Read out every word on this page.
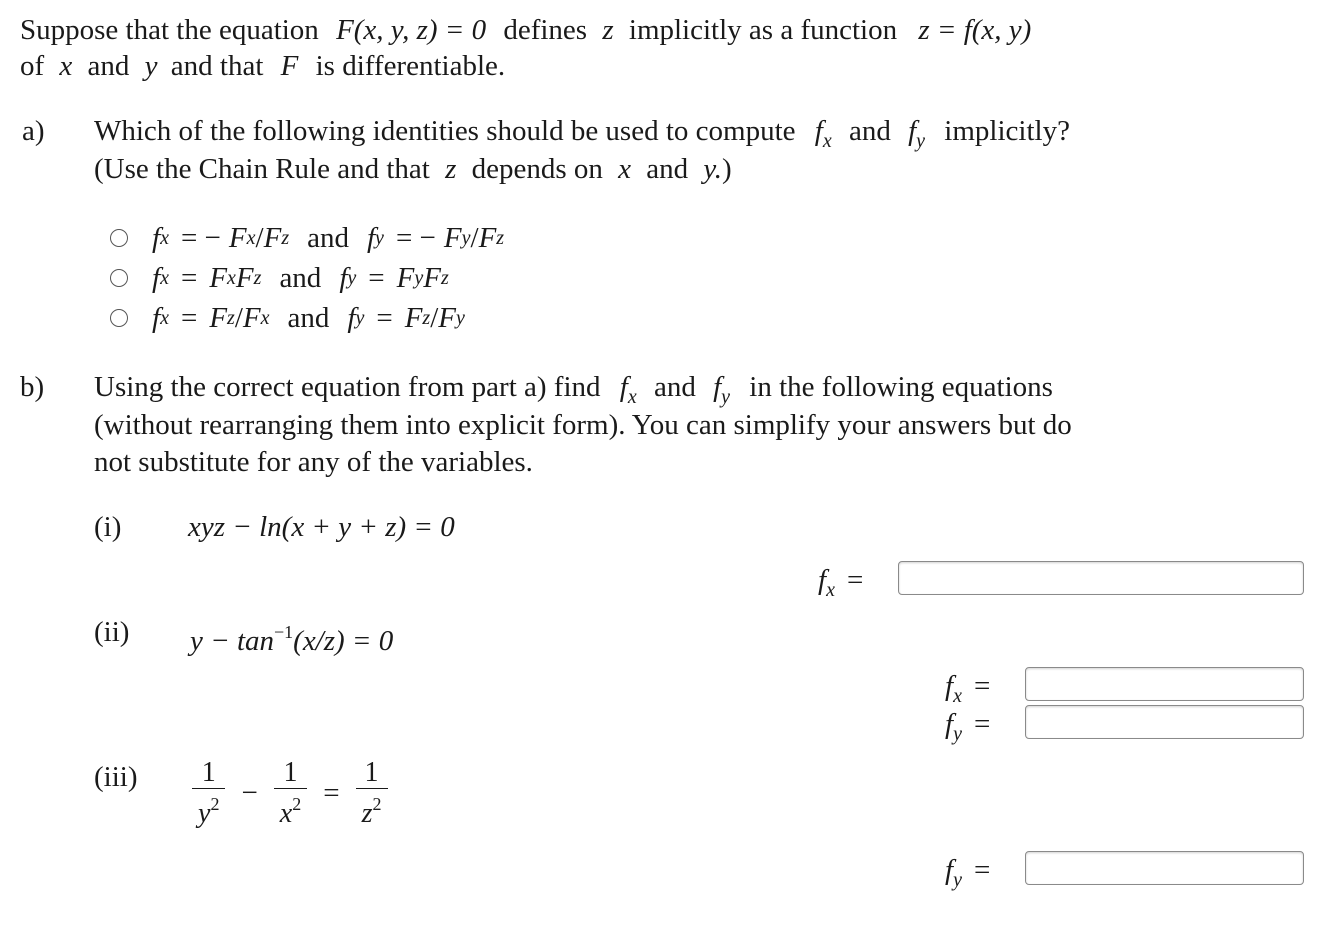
Suppose that the equation F(x, y, z) = 0 defines z implicitly as a function z = f(x, y)
of x and y and that F is differentiable.
a) Which of the following identities should be used to compute $f_x$ and $f_y$ implicitly?
(Use the Chain Rule and that z depends on x and y.)
f x = − F x / F z and f y = − F y / F z
f x = F x F z and f y = F y F z
f x = F z / F x and f y = F z / F y
b) Using the correct equation from part a) find $f_x$ and $f_y$ in the following equations
(without rearranging them into explicit form). You can simplify your answers but do
not substitute for any of the variables.
(i) xyz − ln(x + y + z) = 0
(ii) $y - \tan^{-1}(x/z) = 0$
$(iii) \frac{1}{y^2} - \frac{1}{x^2} = \frac{1}{z^2}$
$f_x$ =
$f_x$ =
$f_y$ =
$f_y$ =
